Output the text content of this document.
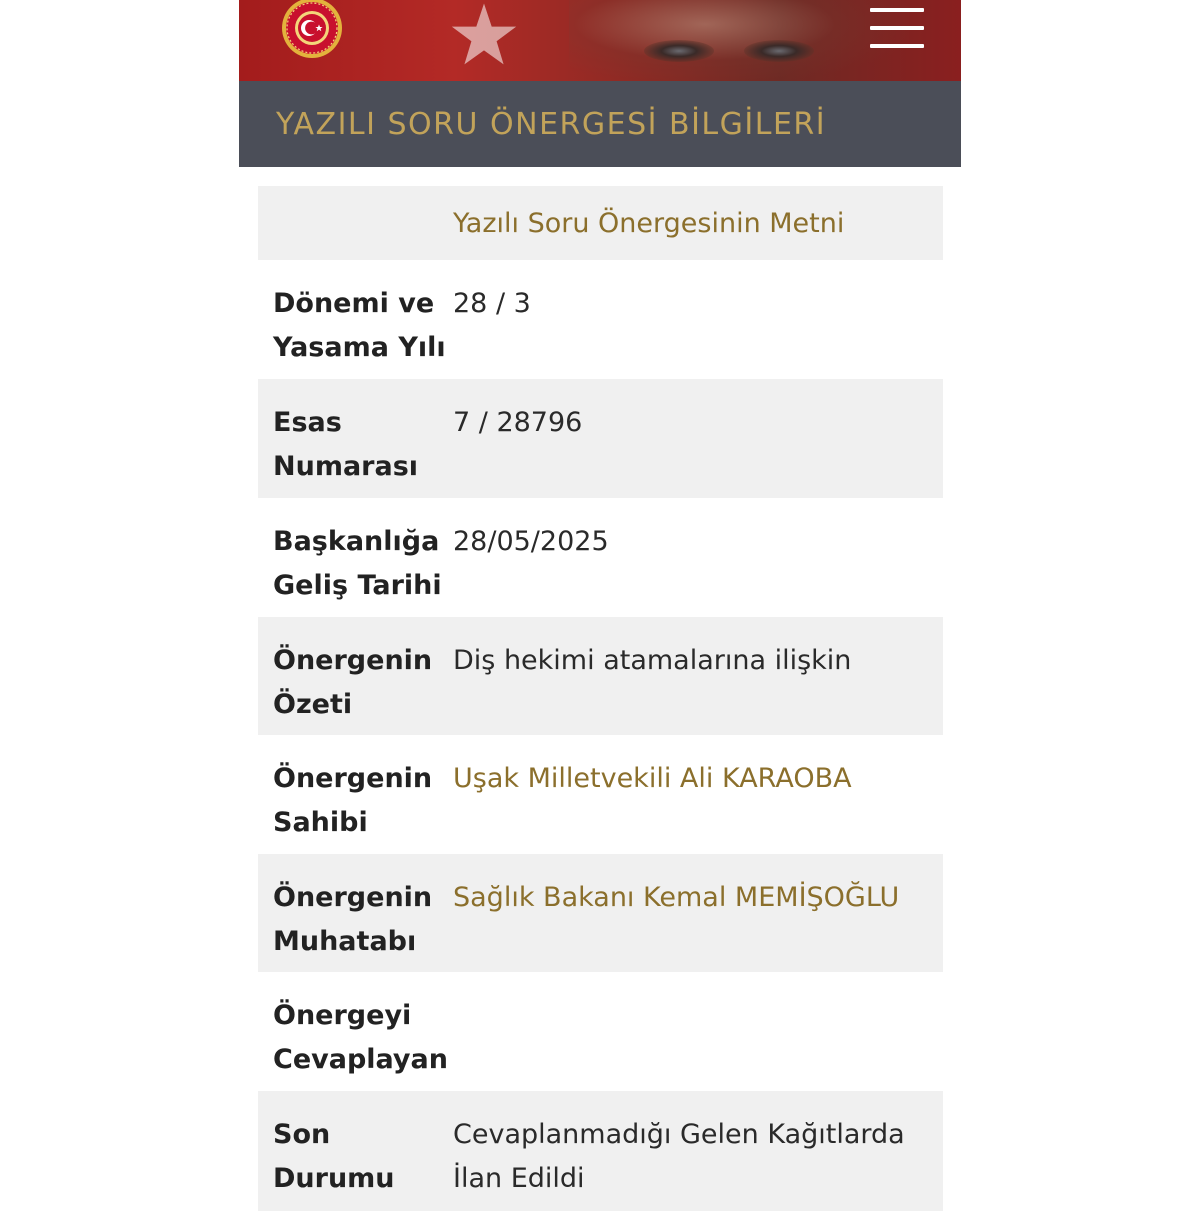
YAZILI SORU ÖNERGESİ BİLGİLERİ
Yazılı Soru Önergesinin Metni
Dönemi ve Yasama Yılı
28 / 3
Esas Numarası
7 / 28796
Başkanlığa Geliş Tarihi
28/05/2025
Önergenin Özeti
Diş hekimi atamalarına ilişkin
Önergenin Sahibi
Uşak Milletvekili Ali KARAOBA
Önergenin Muhatabı
Sağlık Bakanı Kemal MEMİŞOĞLU
Önergeyi Cevaplayan
Son Durumu
Cevaplanmadığı Gelen Kağıtlarda İlan Edildi
